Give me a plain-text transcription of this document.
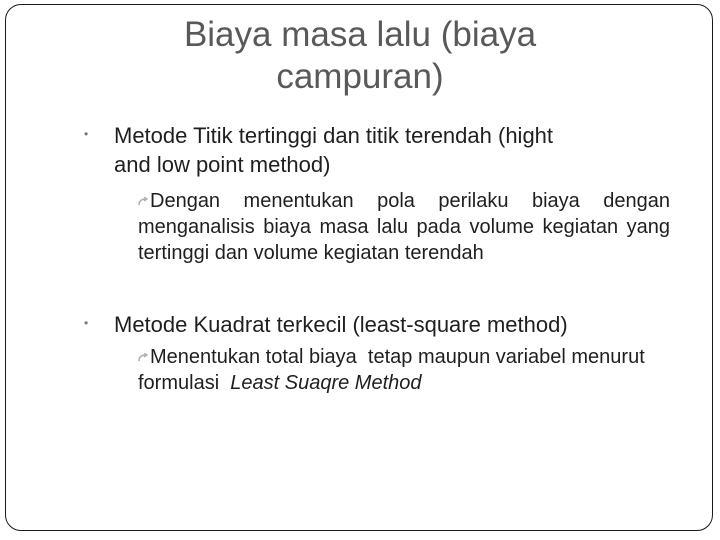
Biaya masa lalu (biaya
campuran)
• Metode Titik tertinggi dan titik terendah (hight
and low point method)

Dengan menentukan pola perilaku biaya dengan menganalisis biaya masa lalu pada volume kegiatan yang tertinggi dan volume kegiatan terendah

• Metode Kuadrat terkecil (least-square method)

Menentukan total biaya  tetap maupun variabel menurut  formulasi  Least Suaqre Method
